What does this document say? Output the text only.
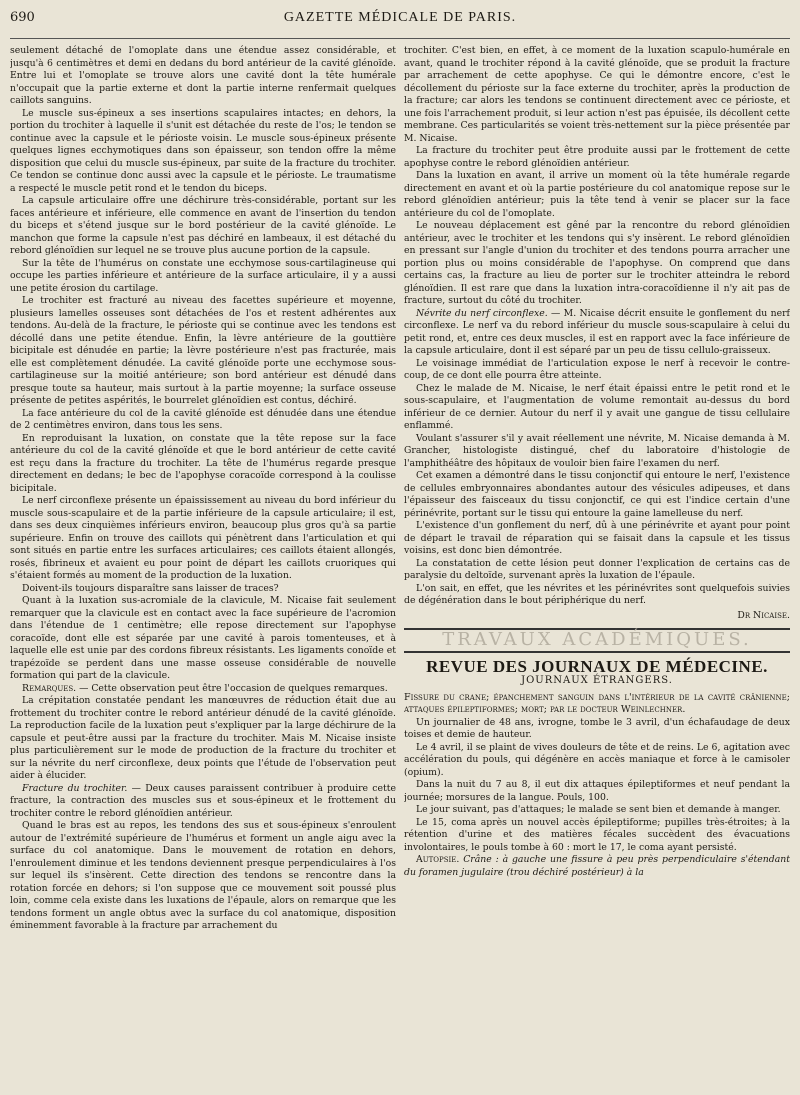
690	GAZETTE MÉDICALE DE PARIS.

seulement détaché de l'omoplate dans une étendue assez considérable, et jusqu'à 6 centimètres et demi en dedans du bord antérieur de la cavité glénoïde. Entre lui et l'omoplate se trouve alors une cavité dont la tête humérale n'occupait que la partie externe et dont la partie interne renfermait quelques caillots sanguins.

Le muscle sus-épineux a ses insertions scapulaires intactes; en dehors, la portion du trochiter à laquelle il s'unit est détachée du reste de l'os; le tendon se continue avec la capsule et le périoste voisin. Le muscle sous-épineux présente quelques lignes ecchymotiques dans son épaisseur, son tendon offre la même disposition que celui du muscle sus-épineux, par suite de la fracture du trochiter. Ce tendon se continue donc aussi avec la capsule et le périoste. Le traumatisme a respecté le muscle petit rond et le tendon du biceps.

La capsule articulaire offre une déchirure très-considérable, portant sur les faces antérieure et inférieure, elle commence en avant de l'insertion du tendon du biceps et s'étend jusque sur le bord postérieur de la cavité glénoïde. Le manchon que forme la capsule n'est pas déchiré en lambeaux, il est détaché du rebord glénoïdien sur lequel ne se trouve plus aucune portion de la capsule.

Sur la tête de l'humérus on constate une ecchymose sous-cartilagineuse qui occupe les parties inférieure et antérieure de la surface articulaire, il y a aussi une petite érosion du cartilage.

Le trochiter est fracturé au niveau des facettes supérieure et moyenne, plusieurs lamelles osseuses sont détachées de l'os et restent adhérentes aux tendons. Au-delà de la fracture, le périoste qui se continue avec les tendons est décollé dans une petite étendue. Enfin, la lèvre antérieure de la gouttière bicipitale est dénudée en partie; la lèvre postérieure n'est pas fracturée, mais elle est complètement dénudée. La cavité glénoïde porte une ecchymose sous-cartilagineuse sur la moitié antérieure; son bord antérieur est dénudé dans presque toute sa hauteur, mais surtout à la partie moyenne; la surface osseuse présente de petites aspérités, le bourrelet glénoïdien est contus, déchiré.

La face antérieure du col de la cavité glénoïde est dénudée dans une étendue de 2 centimètres environ, dans tous les sens.

En reproduisant la luxation, on constate que la tête repose sur la face antérieure du col de la cavité glénoïde et que le bord antérieur de cette cavité est reçu dans la fracture du trochiter. La tête de l'humérus regarde presque directement en dedans; le bec de l'apophyse coracoïde correspond à la coulisse bicipitale.

Le nerf circonflexe présente un épaississement au niveau du bord inférieur du muscle sous-scapulaire et de la partie inférieure de la capsule articulaire; il est, dans ses deux cinquièmes inférieurs environ, beaucoup plus gros qu'à sa partie supérieure. Enfin on trouve des caillots qui pénètrent dans l'articulation et qui sont situés en partie entre les surfaces articulaires; ces caillots étaient allongés, rosés, fibrineux et avaient eu pour point de départ les caillots cruoriques qui s'étaient formés au moment de la production de la luxation.

Doivent-ils toujours disparaître sans laisser de traces?

Quant à la luxation sus-acromiale de la clavicule, M. Nicaise fait seulement remarquer que la clavicule est en contact avec la face supérieure de l'acromion dans l'étendue de 1 centimètre; elle repose directement sur l'apophyse coracoïde, dont elle est séparée par une cavité à parois tomenteuses, et à laquelle elle est unie par des cordons fibreux résistants. Les ligaments conoïde et trapézoïde se perdent dans une masse osseuse considérable de nouvelle formation qui part de la clavicule.

Remarques. — Cette observation peut être l'occasion de quelques remarques.

La crépitation constatée pendant les manœuvres de réduction était due au frottement du trochiter contre le rebord antérieur dénudé de la cavité glénoïde. La reproduction facile de la luxation peut s'expliquer par la large déchirure de la capsule et peut-être aussi par la fracture du trochiter. Mais M. Nicaise insiste plus particulièrement sur le mode de production de la fracture du trochiter et sur la névrite du nerf circonflexe, deux points que l'étude de l'observation peut aider à élucider.

Fracture du trochiter. — Deux causes paraissent contribuer à produire cette fracture, la contraction des muscles sus et sous-épineux et le frottement du trochiter contre le rebord glénoïdien antérieur.

Quand le bras est au repos, les tendons des sus et sous-épineux s'enroulent autour de l'extrémité supérieure de l'humérus et forment un angle aigu avec la surface du col anatomique. Dans le mouvement de rotation en dehors, l'enroulement diminue et les tendons deviennent presque perpendiculaires à l'os sur lequel ils s'insèrent. Cette direction des tendons se rencontre dans la rotation forcée en dehors; si l'on suppose que ce mouvement soit poussé plus loin, comme cela existe dans les luxations de l'épaule, alors on remarque que les tendons forment un angle obtus avec la surface du col anatomique, disposition éminemment favorable à la fracture par arrachement du

trochiter. C'est bien, en effet, à ce moment de la luxation scapulo-humérale en avant, quand le trochiter répond à la cavité glénoïde, que se produit la fracture par arrachement de cette apophyse. Ce qui le démontre encore, c'est le décollement du périoste sur la face externe du trochiter, après la production de la fracture; car alors les tendons se continuent directement avec ce périoste, et une fois l'arrachement produit, si leur action n'est pas épuisée, ils décollent cette membrane. Ces particularités se voient très-nettement sur la pièce présentée par M. Nicaise.

La fracture du trochiter peut être produite aussi par le frottement de cette apophyse contre le rebord glénoïdien antérieur.

Dans la luxation en avant, il arrive un moment où la tête humérale regarde directement en avant et où la partie postérieure du col anatomique repose sur le rebord glénoïdien antérieur; puis la tête tend à venir se placer sur la face antérieure du col de l'omoplate.

Le nouveau déplacement est gêné par la rencontre du rebord glénoïdien antérieur, avec le trochiter et les tendons qui s'y insèrent. Le rebord glénoïdien en pressant sur l'angle d'union du trochiter et des tendons pourra arracher une portion plus ou moins considérable de l'apophyse. On comprend que dans certains cas, la fracture au lieu de porter sur le trochiter atteindra le rebord glénoïdien. Il est rare que dans la luxation intra-coracoïdienne il n'y ait pas de fracture, surtout du côté du trochiter.

Névrite du nerf circonflexe. — M. Nicaise décrit ensuite le gonflement du nerf circonflexe. Le nerf va du rebord inférieur du muscle sous-scapulaire à celui du petit rond, et, entre ces deux muscles, il est en rapport avec la face inférieure de la capsule articulaire, dont il est séparé par un peu de tissu cellulo-graisseux.

Le voisinage immédiat de l'articulation expose le nerf à recevoir le contre-coup, de ce dont elle pourra être atteinte.

Chez le malade de M. Nicaise, le nerf était épaissi entre le petit rond et le sous-scapulaire, et l'augmentation de volume remontait au-dessus du bord inférieur de ce dernier. Autour du nerf il y avait une gangue de tissu cellulaire enflammé.

Voulant s'assurer s'il y avait réellement une névrite, M. Nicaise demanda à M. Grancher, histologiste distingué, chef du laboratoire d'histologie de l'amphithéâtre des hôpitaux de vouloir bien faire l'examen du nerf.

Cet examen a démontré dans le tissu conjonctif qui entoure le nerf, l'existence de cellules embryonnaires abondantes autour des vésicules adipeuses, et dans l'épaisseur des faisceaux du tissu conjonctif, ce qui est l'indice certain d'une périnévrite, portant sur le tissu qui entoure la gaine lamelleuse du nerf.

L'existence d'un gonflement du nerf, dû à une périnévrite et ayant pour point de départ le travail de réparation qui se faisait dans la capsule et les tissus voisins, est donc bien démontrée.

La constatation de cette lésion peut donner l'explication de certains cas de paralysie du deltoïde, survenant après la luxation de l'épaule.

L'on sait, en effet, que les névrites et les périnévrites sont quelquefois suivies de dégénération dans le bout périphérique du nerf.

Dr Nicaise.
TRAVAUX ACADÉMIQUES.
REVUE DES JOURNAUX DE MÉDECINE.
JOURNAUX ÉTRANGERS.

Fissure du crane; épanchement sanguin dans l'intérieur de la cavité crânienne; attaques épileptiformes; mort; par le docteur Weinlechner.

Un journalier de 48 ans, ivrogne, tombe le 3 avril, d'un échafaudage de deux toises et demie de hauteur.

Le 4 avril, il se plaint de vives douleurs de tête et de reins. Le 6, agitation avec accélération du pouls, qui dégénère en accès maniaque et force à le camisoler (opium).

Dans la nuit du 7 au 8, il eut dix attaques épileptiformes et neuf pendant la journée; morsures de la langue. Pouls, 100.

Le jour suivant, pas d'attaques; le malade se sent bien et demande à manger.

Le 15, coma après un nouvel accès épileptiforme; pupilles très-étroites; à la rétention d'urine et des matières fécales succèdent des évacuations involontaires, le pouls tombe à 60 : mort le 17, le coma ayant persisté.

Autopsie. Crâne : à gauche une fissure à peu près perpendiculaire s'étendant du foramen jugulaire (trou déchiré postérieur) à la
